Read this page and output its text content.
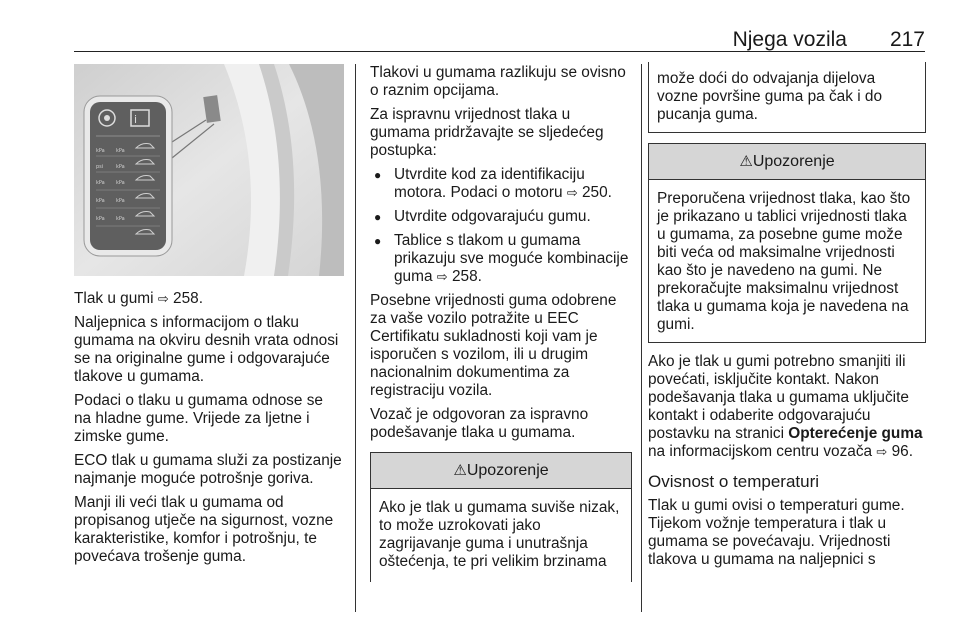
Njega vozila 217
i
kPa kPa
psi	kPa
kPa kPa
kPa kPa
kPa kPa

Tlak u gumi ⇨ 258.

Naljepnica s informacijom o tlaku gumama na okviru desnih vrata odnosi se na originalne gume i odgovarajuće tlakove u gumama.

Podaci o tlaku u gumama odnose se na hladne gume. Vrijede za ljetne i zimske gume.

ECO tlak u gumama služi za postizanje najmanje moguće potrošnje goriva.

Manji ili veći tlak u gumama od propisanog utječe na sigurnost, vozne karakteristike, komfor i potrošnju, te povećava trošenje guma.

Tlakovi u gumama razlikuju se ovisno o raznim opcijama.

Za ispravnu vrijednost tlaka u gumama pridržavajte se sljedećeg postupka:

● Utvrdite kod za identifikaciju motora. Podaci o motoru ⇨ 250.
● Utvrdite odgovarajuću gumu.
● Tablice s tlakom u gumama prikazuju sve moguće kombinacije guma ⇨ 258.

Posebne vrijednosti guma odobrene za vaše vozilo potražite u EEC Certifikatu sukladnosti koji vam je isporučen s vozilom, ili u drugim nacionalnim dokumentima za registraciju vozila.

Vozač je odgovoran za ispravno podešavanje tlaka u gumama.

⚠Upozorenje
Ako je tlak u gumama suviše nizak, to može uzrokovati jako zagrijavanje guma i unutrašnja oštećenja, te pri velikim brzinama
može doći do odvajanja dijelova vozne površine guma pa čak i do pucanja guma.
⚠Upozorenje
Preporučena vrijednost tlaka, kao što je prikazano u tablici vrijednosti tlaka u gumama, za posebne gume može biti veća od maksimalne vrijednosti kao što je navedeno na gumi. Ne prekoračujte maksimalnu vrijednost tlaka u gumama koja je navedena na gumi.

Ako je tlak u gumi potrebno smanjiti ili povećati, isključite kontakt. Nakon podešavanja tlaka u gumama uključite kontakt i odaberite odgovarajuću postavku na stranici Opterećenje guma na informacijskom centru vozača ⇨ 96.

Ovisnost o temperaturi

Tlak u gumi ovisi o temperaturi gume. Tijekom vožnje temperatura i tlak u gumama se povećavaju. Vrijednosti tlakova u gumama na naljepnici s
